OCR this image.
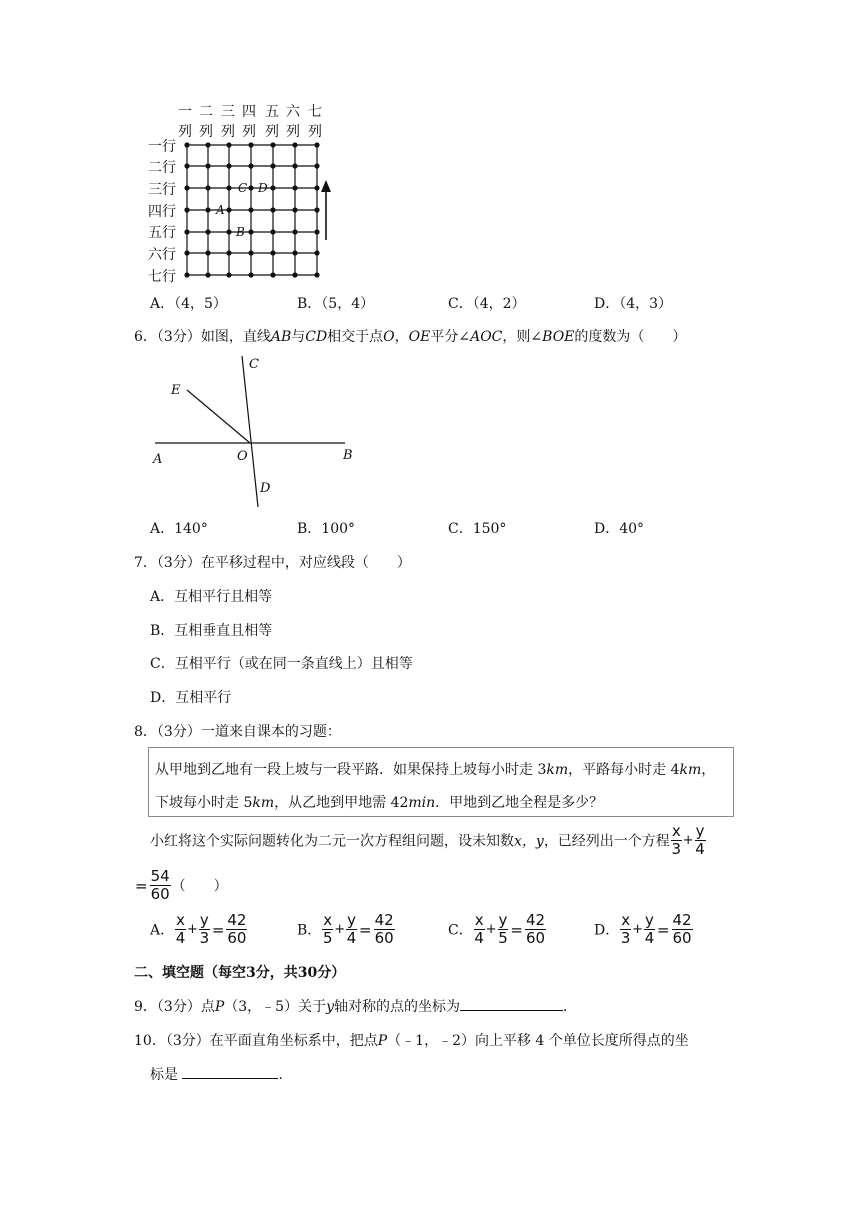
一 二 三 四 五 六 七
列 列 列 列 列 列 列
一行
二行
三行
四行
五行
六行
七行
A
B
C D
A．（4，5）	B．（5，4）	C．（4，2）	D．（4，3）
6．（3分）如图，直线AB与CD相交于点O，OE平分∠AOC，则∠BOE的度数为（　　）
A	B
C
D
E
O
A．140°	B．100°	C．150°	D．40°
7．（3分）在平移过程中，对应线段（　　）
A．互相平行且相等
B．互相垂直且相等
C．互相平行（或在同一条直线上）且相等
D．互相平行
8．（3分）一道来自课本的习题：
从甲地到乙地有一段上坡与一段平路．如果保持上坡每小时走 3km，平路每小时走 4km，
下坡每小时走 5km，从乙地到甲地需 42min．甲地到乙地全程是多少？
小红将这个实际问题转化为二元一次方程组问题，设未知数x，y，已经列出一个方程 $\frac{x}{3} + \frac{y}{4}$
= $\frac{54}{60}$ （　　）
A． $\frac{x}{4} + \frac{y}{3} = \frac{42}{60}$	B． $\frac{x}{5} + \frac{y}{4} = \frac{42}{60}$	C． $\frac{x}{4} + \frac{y}{5} = \frac{42}{60}$	D． $\frac{x}{3} + \frac{y}{4} = \frac{42}{60}$
二、填空题（每空3分，共30分）
9．（3分）点P（3，﹣5）关于y轴对称的点的坐标为	．
10．（3分）在平面直角坐标系中，把点P（﹣1，﹣2）向上平移 4 个单位长度所得点的坐
标是	．
